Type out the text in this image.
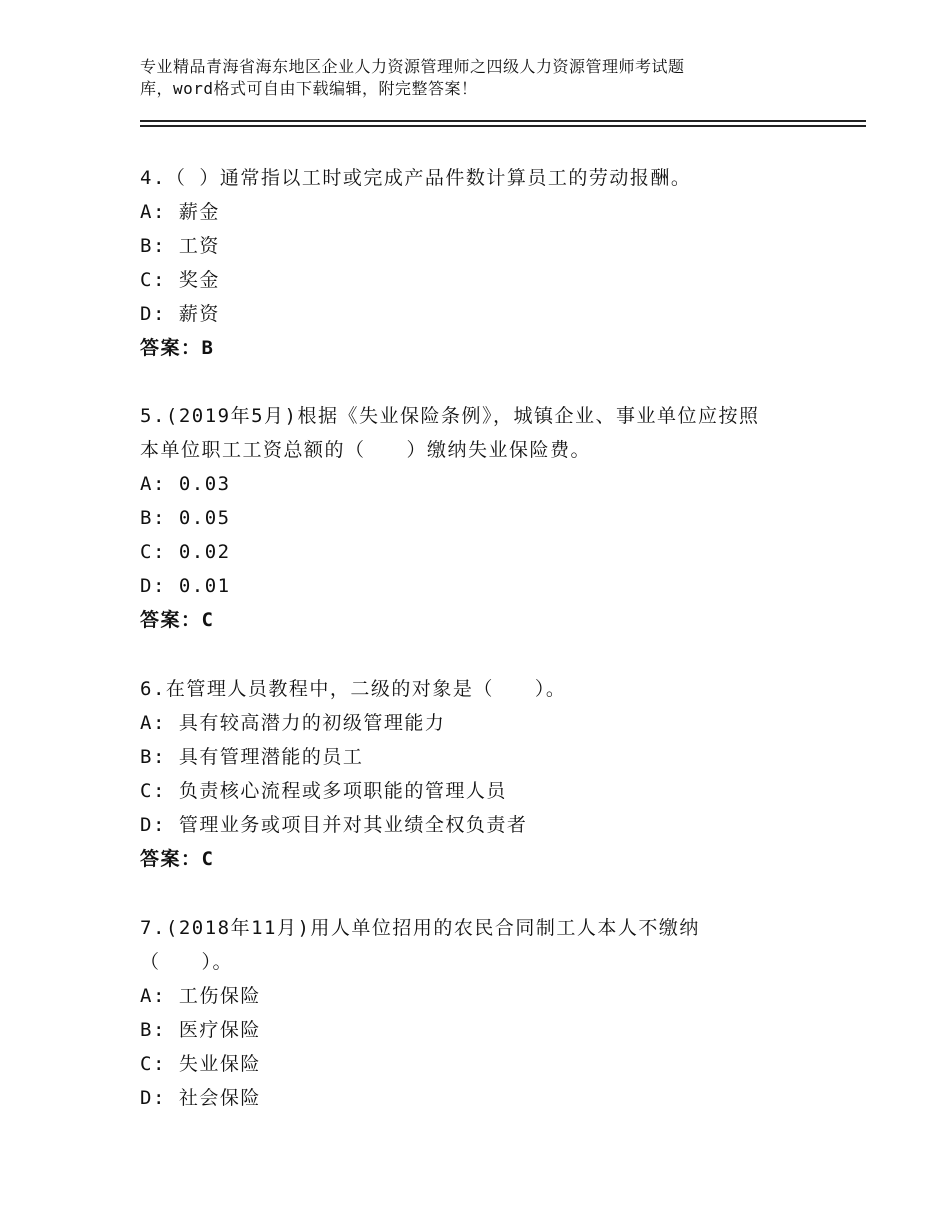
专业精品青海省海东地区企业人力资源管理师之四级人力资源管理师考试题
库，word格式可自由下载编辑，附完整答案！

4.（ ）通常指以工时或完成产品件数计算员工的劳动报酬。

A: 薪金

B: 工资

C: 奖金

D: 薪资

答案：B

5.(2019年5月)根据《失业保险条例》，城镇企业、事业单位应按照

本单位职工工资总额的（　　）缴纳失业保险费。

A: 0.03

B: 0.05

C: 0.02

D: 0.01

答案：C

6.在管理人员教程中，二级的对象是（　　）。

A: 具有较高潜力的初级管理能力

B: 具有管理潜能的员工

C: 负责核心流程或多项职能的管理人员

D: 管理业务或项目并对其业绩全权负责者

答案：C

7.(2018年11月)用人单位招用的农民合同制工人本人不缴纳

（　　）。

A: 工伤保险

B: 医疗保险

C: 失业保险

D: 社会保险
